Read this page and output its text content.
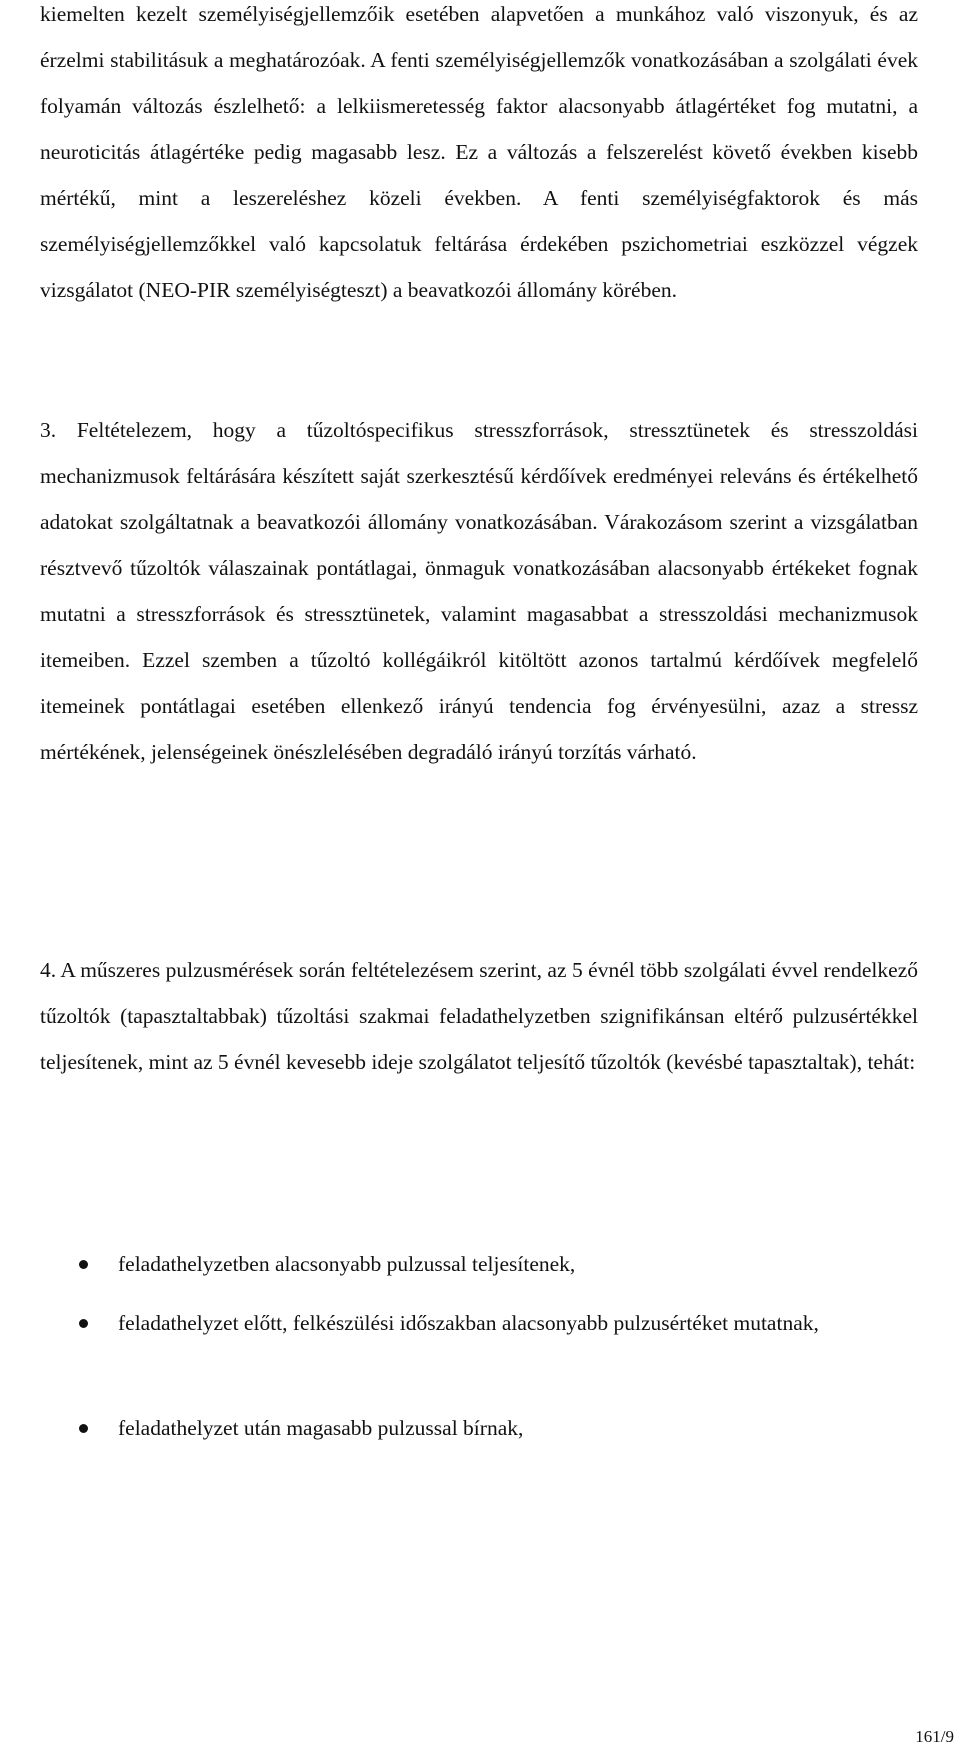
kiemelten kezelt személyiségjellemzőik esetében alapvetően a munkához való viszonyuk, és az érzelmi stabilitásuk a meghatározóak. A fenti személyiségjellemzők vonatkozásában a szolgálati évek folyamán változás észlelhető: a lelkiismeretesség faktor alacsonyabb átlagértéket fog mutatni, a neuroticitás átlagértéke pedig magasabb lesz. Ez a változás a felszerelést követő években kisebb mértékű, mint a leszereléshez közeli években. A fenti személyiségfaktorok és más személyiségjellemzőkkel való kapcsolatuk feltárása érdekében pszichometriai eszközzel végzek vizsgálatot (NEO-PIR személyiségteszt) a beavatkozói állomány körében.

3. Feltételezem, hogy a tűzoltóspecifikus stresszforrások, stressztünetek és stresszoldási mechanizmusok feltárására készített saját szerkesztésű kérdőívek eredményei releváns és értékelhető adatokat szolgáltatnak a beavatkozói állomány vonatkozásában. Várakozásom szerint a vizsgálatban résztvevő tűzoltók válaszainak pontátlagai, önmaguk vonatkozásában alacsonyabb értékeket fognak mutatni a stresszforrások és stressztünetek, valamint magasabbat a stresszoldási mechanizmusok itemeiben. Ezzel szemben a tűzoltó kollégáikról kitöltött azonos tartalmú kérdőívek megfelelő itemeinek pontátlagai esetében ellenkező irányú tendencia fog érvényesülni, azaz a stressz mértékének, jelenségeinek önészlelésében degradáló irányú torzítás várható.

4. A műszeres pulzusmérések során feltételezésem szerint, az 5 évnél több szolgálati évvel rendelkező tűzoltók (tapasztaltabbak) tűzoltási szakmai feladathelyzetben szignifikánsan eltérő pulzusértékkel teljesítenek, mint az 5 évnél kevesebb ideje szolgálatot teljesítő tűzoltók (kevésbé tapasztaltak), tehát:

feladathelyzetben alacsonyabb pulzussal teljesítenek,
feladathelyzet előtt, felkészülési időszakban alacsonyabb pulzusértéket mutatnak,
feladathelyzet után magasabb pulzussal bírnak,
161/9
